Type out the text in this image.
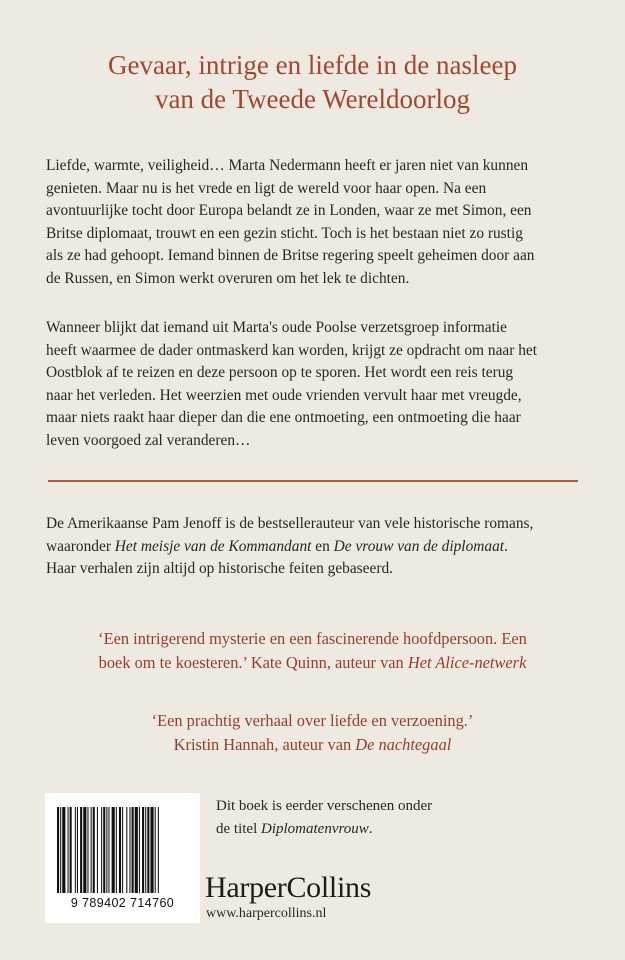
Gevaar, intrige en liefde in de nasleep
van de Tweede Wereldoorlog
Liefde, warmte, veiligheid… Marta Nedermann heeft er jaren niet van kunnen
genieten. Maar nu is het vrede en ligt de wereld voor haar open. Na een
avontuurlijke tocht door Europa belandt ze in Londen, waar ze met Simon, een
Britse diplomaat, trouwt en een gezin sticht. Toch is het bestaan niet zo rustig
als ze had gehoopt. Iemand binnen de Britse regering speelt geheimen door aan
de Russen, en Simon werkt overuren om het lek te dichten.
Wanneer blijkt dat iemand uit Marta's oude Poolse verzetsgroep informatie
heeft waarmee de dader ontmaskerd kan worden, krijgt ze opdracht om naar het
Oostblok af te reizen en deze persoon op te sporen. Het wordt een reis terug
naar het verleden. Het weerzien met oude vrienden vervult haar met vreugde,
maar niets raakt haar dieper dan die ene ontmoeting, een ontmoeting die haar
leven voorgoed zal veranderen…
De Amerikaanse Pam Jenoff is de bestsellerauteur van vele historische romans,
waaronder Het meisje van de Kommandant en De vrouw van de diplomaat.
Haar verhalen zijn altijd op historische feiten gebaseerd.
‘Een intrigerend mysterie en een fascinerende hoofdpersoon. Een
boek om te koesteren.’ Kate Quinn, auteur van Het Alice-netwerk
‘Een prachtig verhaal over liefde en verzoening.’
Kristin Hannah, auteur van De nachtegaal
9 789402 714760
Dit boek is eerder verschenen onder
de titel Diplomatenvrouw.
HarperCollins
www.harpercollins.nl
